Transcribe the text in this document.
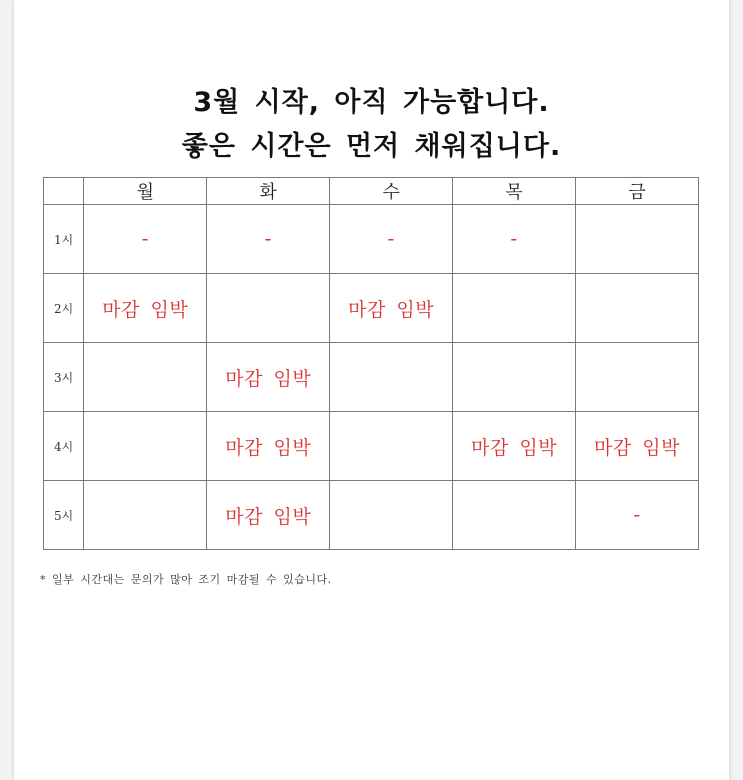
3월 시작, 아직 가능합니다.
좋은 시간은 먼저 채워집니다.
	월	화	수	목	금
1시	-	-	-	-	
2시	마감 임박		마감 임박		
3시		마감 임박			
4시		마감 임박		마감 임박	마감 임박
5시		마감 임박			-
* 일부 시간대는 문의가 많아 조기 마감될 수 있습니다.
